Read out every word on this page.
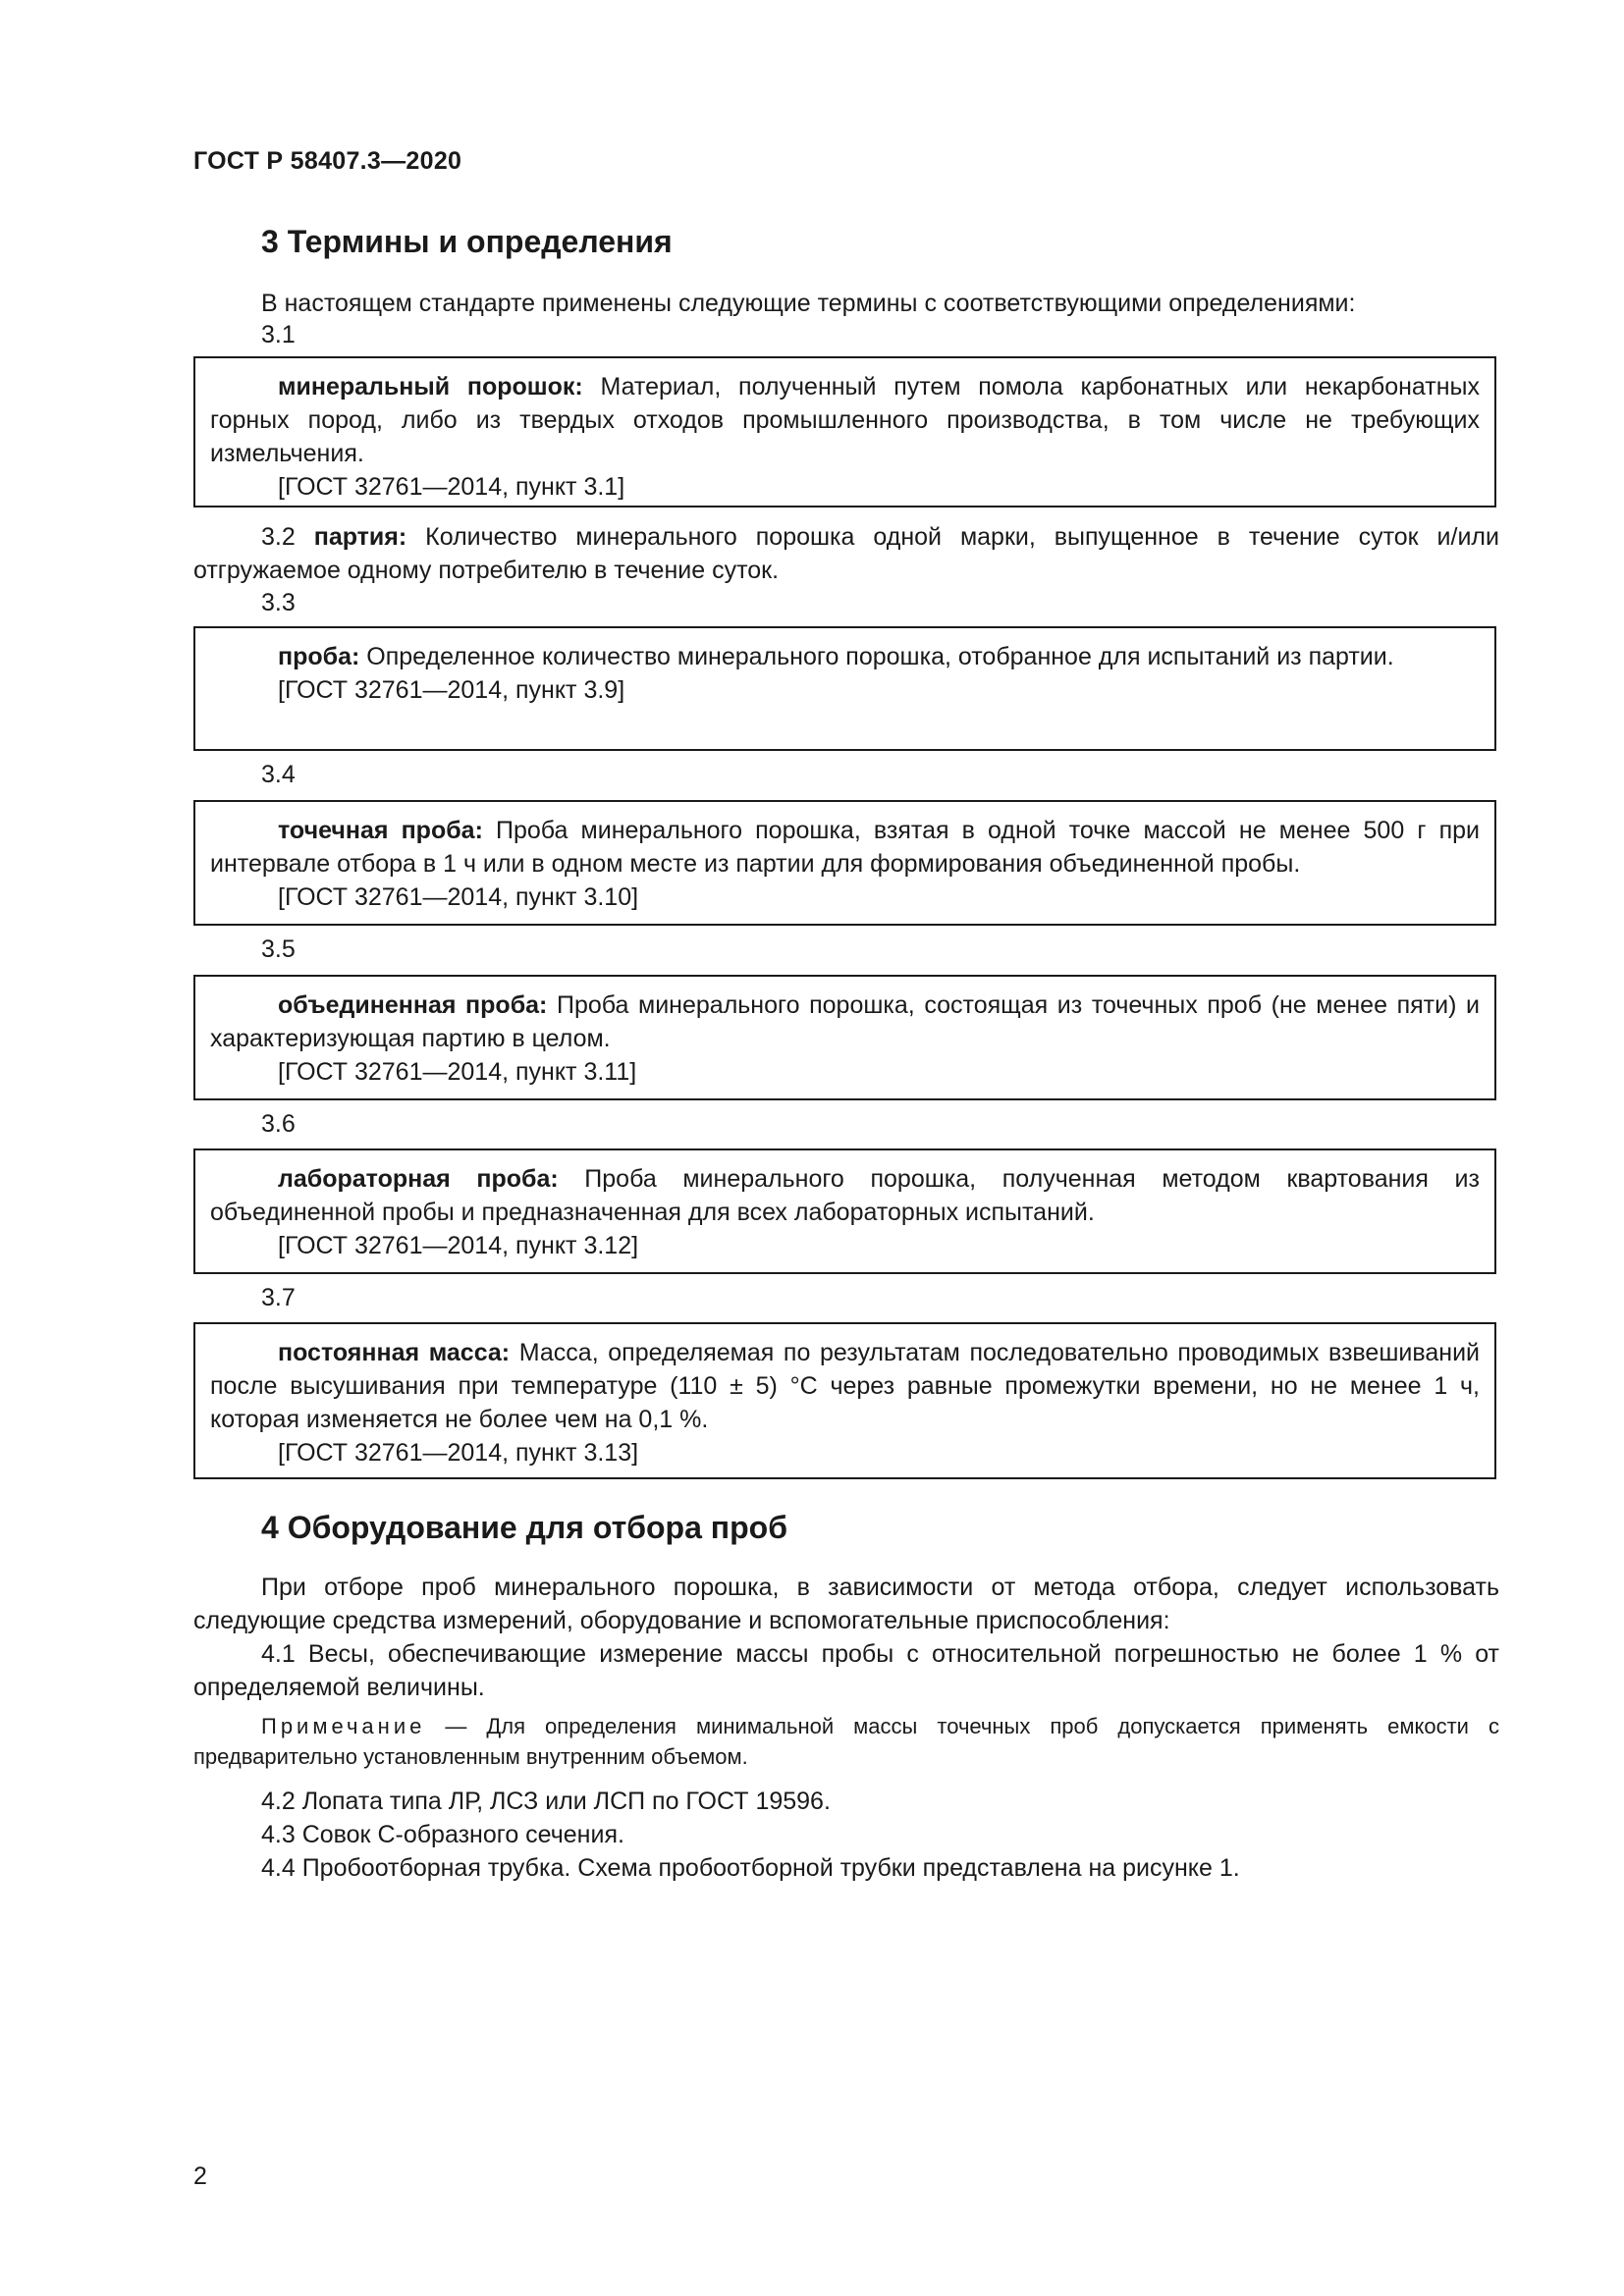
ГОСТ Р 58407.3—2020
3 Термины и определения
В настоящем стандарте применены следующие термины с соответствующими определениями:
3.1
минеральный порошок: Материал, полученный путем помола карбонатных или некарбонатных горных пород, либо из твердых отходов промышленного производства, в том числе не требующих измельчения.
[ГОСТ 32761—2014, пункт 3.1]
3.2 партия: Количество минерального порошка одной марки, выпущенное в течение суток и/или отгружаемое одному потребителю в течение суток.
3.3
проба: Определенное количество минерального порошка, отобранное для испытаний из партии.
[ГОСТ 32761—2014, пункт 3.9]
3.4
точечная проба: Проба минерального порошка, взятая в одной точке массой не менее 500 г при интервале отбора в 1 ч или в одном месте из партии для формирования объединенной пробы.
[ГОСТ 32761—2014, пункт 3.10]
3.5
объединенная проба: Проба минерального порошка, состоящая из точечных проб (не менее пяти) и характеризующая партию в целом.
[ГОСТ 32761—2014, пункт 3.11]
3.6
лабораторная проба: Проба минерального порошка, полученная методом квартования из объединенной пробы и предназначенная для всех лабораторных испытаний.
[ГОСТ 32761—2014, пункт 3.12]
3.7
постоянная масса: Масса, определяемая по результатам последовательно проводимых взвешиваний после высушивания при температуре (110 ± 5) °С через равные промежутки времени, но не менее 1 ч, которая изменяется не более чем на 0,1 %.
[ГОСТ 32761—2014, пункт 3.13]
4 Оборудование для отбора проб
При отборе проб минерального порошка, в зависимости от метода отбора, следует использовать следующие средства измерений, оборудование и вспомогательные приспособления:
4.1 Весы, обеспечивающие измерение массы пробы с относительной погрешностью не более 1 % от определяемой величины.
Примечание — Для определения минимальной массы точечных проб допускается применять емкости с предварительно установленным внутренним объемом.
4.2 Лопата типа ЛР, ЛСЗ или ЛСП по ГОСТ 19596.
4.3 Совок С-образного сечения.
4.4 Пробоотборная трубка. Схема пробоотборной трубки представлена на рисунке 1.
2
